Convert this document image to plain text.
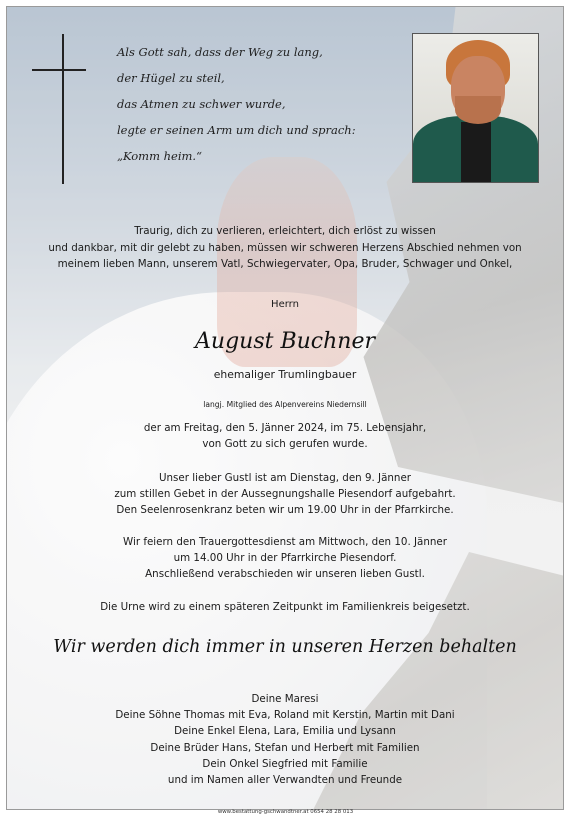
Als Gott sah, dass der Weg zu lang,
der Hügel zu steil,
das Atmen zu schwer wurde,
legte er seinen Arm um dich und sprach:
„Komm heim.“
Traurig, dich zu verlieren, erleichtert, dich erlöst zu wissen
und dankbar, mit dir gelebt zu haben, müssen wir schweren Herzens Abschied nehmen von
meinem lieben Mann, unserem Vatl, Schwiegervater, Opa, Bruder, Schwager und Onkel,
Herrn
August Buchner
ehemaliger Trumlingbauer
langj. Mitglied des Alpenvereins Niedernsill
der am Freitag, den 5. Jänner 2024, im 75. Lebensjahr,
von Gott zu sich gerufen wurde.
Unser lieber Gustl ist am Dienstag, den 9. Jänner
zum stillen Gebet in der Aussegnungshalle Piesendorf aufgebahrt.
Den Seelenrosenkranz beten wir um 19.00 Uhr in der Pfarrkirche.
Wir feiern den Trauergottesdienst am Mittwoch, den 10. Jänner
um 14.00 Uhr in der Pfarrkirche Piesendorf.
Anschließend verabschieden wir unseren lieben Gustl.
Die Urne wird zu einem späteren Zeitpunkt im Familienkreis beigesetzt.
Wir werden dich immer in unseren Herzen behalten
Deine Maresi
Deine Söhne Thomas mit Eva, Roland mit Kerstin, Martin mit Dani
Deine Enkel Elena, Lara, Emilia und Lysann
Deine Brüder Hans, Stefan und Herbert mit Familien
Dein Onkel Siegfried mit Familie
und im Namen aller Verwandten und Freunde
www.bestattung-gschwandtner.at 0654 28 28 013
